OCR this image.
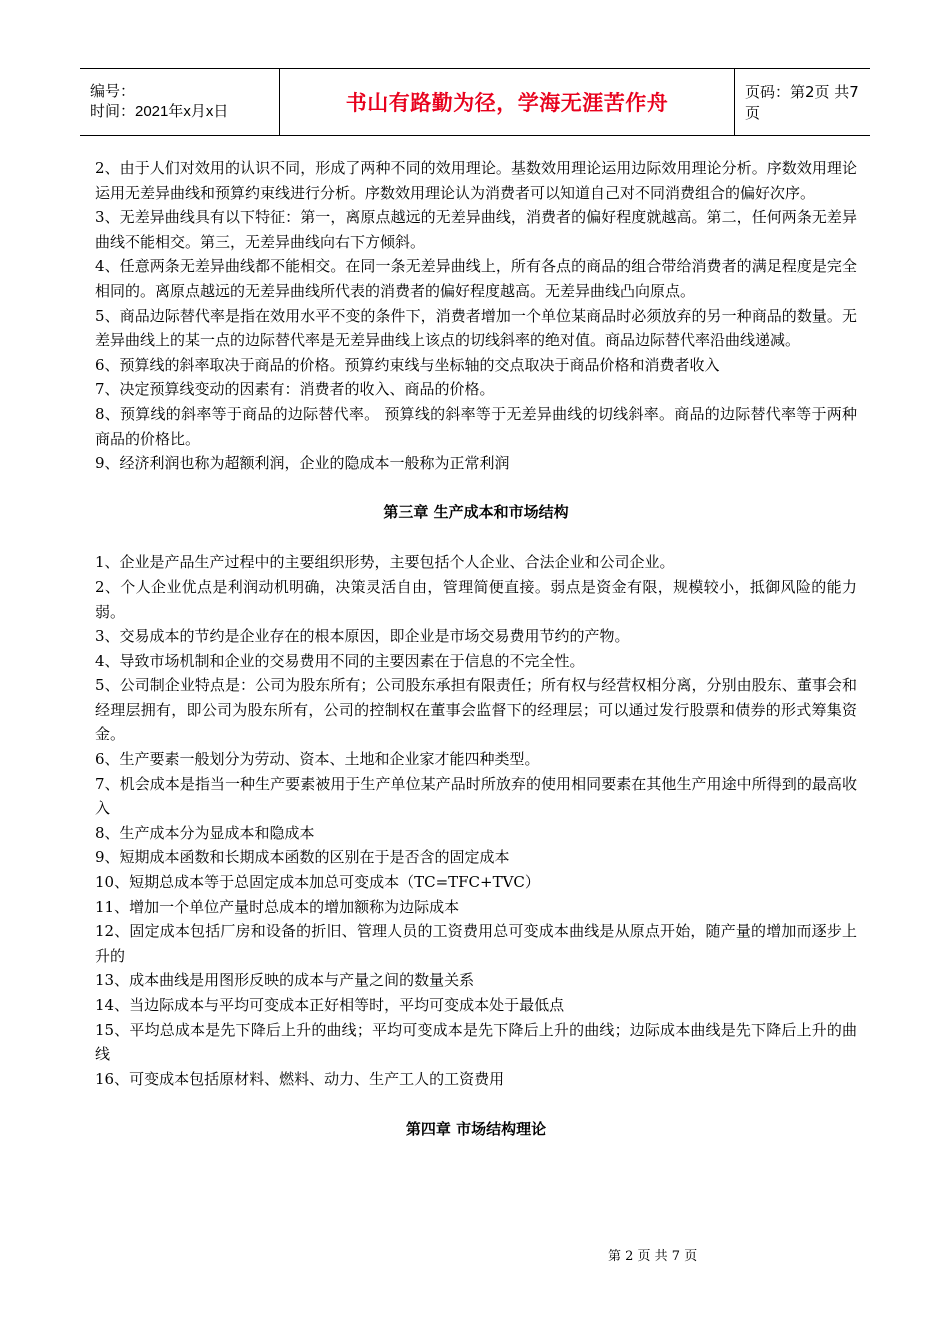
编号：
时间：2021年x月x日	书山有路勤为径，学海无涯苦作舟	页码：第2页 共7页

2、由于人们对效用的认识不同，形成了两种不同的效用理论。基数效用理论运用边际效用理论分析。序数效用理论运用无差异曲线和预算约束线进行分析。序数效用理论认为消费者可以知道自己对不同消费组合的偏好次序。

3、无差异曲线具有以下特征：第一，离原点越远的无差异曲线，消费者的偏好程度就越高。第二，任何两条无差异曲线不能相交。第三，无差异曲线向右下方倾斜。

4、任意两条无差异曲线都不能相交。在同一条无差异曲线上，所有各点的商品的组合带给消费者的满足程度是完全相同的。离原点越远的无差异曲线所代表的消费者的偏好程度越高。无差异曲线凸向原点。

5、商品边际替代率是指在效用水平不变的条件下，消费者增加一个单位某商品时必须放弃的另一种商品的数量。无差异曲线上的某一点的边际替代率是无差异曲线上该点的切线斜率的绝对值。商品边际替代率沿曲线递减。

6、预算线的斜率取决于商品的价格。预算约束线与坐标轴的交点取决于商品价格和消费者收入

7、决定预算线变动的因素有：消费者的收入、商品的价格。

8、预算线的斜率等于商品的边际替代率。 预算线的斜率等于无差异曲线的切线斜率。商品的边际替代率等于两种商品的价格比。

9、经济利润也称为超额利润，企业的隐成本一般称为正常利润

第三章 生产成本和市场结构

1、企业是产品生产过程中的主要组织形势，主要包括个人企业、合法企业和公司企业。

2、个人企业优点是利润动机明确，决策灵活自由，管理简便直接。弱点是资金有限，规模较小，抵御风险的能力弱。

3、交易成本的节约是企业存在的根本原因，即企业是市场交易费用节约的产物。

4、导致市场机制和企业的交易费用不同的主要因素在于信息的不完全性。

5、公司制企业特点是：公司为股东所有；公司股东承担有限责任；所有权与经营权相分离，分别由股东、董事会和经理层拥有，即公司为股东所有，公司的控制权在董事会监督下的经理层；可以通过发行股票和债券的形式筹集资金。

6、生产要素一般划分为劳动、资本、土地和企业家才能四种类型。

7、机会成本是指当一种生产要素被用于生产单位某产品时所放弃的使用相同要素在其他生产用途中所得到的最高收入

8、生产成本分为显成本和隐成本

9、短期成本函数和长期成本函数的区别在于是否含的固定成本

10、短期总成本等于总固定成本加总可变成本（TC=TFC+TVC）

11、增加一个单位产量时总成本的增加额称为边际成本

12、固定成本包括厂房和设备的折旧、管理人员的工资费用总可变成本曲线是从原点开始，随产量的增加而逐步上升的

13、成本曲线是用图形反映的成本与产量之间的数量关系

14、当边际成本与平均可变成本正好相等时，平均可变成本处于最低点

15、平均总成本是先下降后上升的曲线；平均可变成本是先下降后上升的曲线；边际成本曲线是先下降后上升的曲线

16、可变成本包括原材料、燃料、动力、生产工人的工资费用

第四章 市场结构理论
第 2 页 共 7 页
